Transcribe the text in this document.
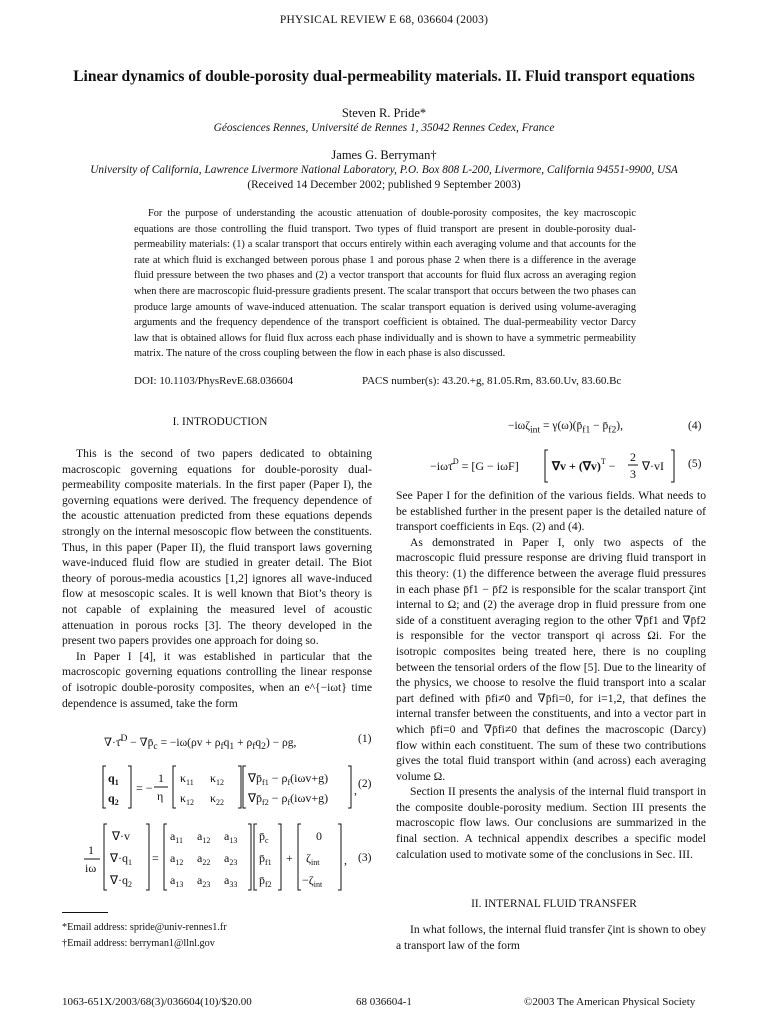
PHYSICAL REVIEW E 68, 036604 (2003)
Linear dynamics of double-porosity dual-permeability materials. II. Fluid transport equations
Steven R. Pride*
Géosciences Rennes, Université de Rennes 1, 35042 Rennes Cedex, France
James G. Berryman†
University of California, Lawrence Livermore National Laboratory, P.O. Box 808 L-200, Livermore, California 94551-9900, USA
(Received 14 December 2002; published 9 September 2003)
For the purpose of understanding the acoustic attenuation of double-porosity composites, the key macroscopic equations are those controlling the fluid transport. Two types of fluid transport are present in double-porosity dual-permeability materials: (1) a scalar transport that occurs entirely within each averaging volume and that accounts for the rate at which fluid is exchanged between porous phase 1 and porous phase 2 when there is a difference in the average fluid pressure between the two phases and (2) a vector transport that accounts for fluid flux across an averaging region when there are macroscopic fluid-pressure gradients present. The scalar transport that occurs between the two phases can produce large amounts of wave-induced attenuation. The scalar transport equation is derived using volume-averaging arguments and the frequency dependence of the transport coefficient is obtained. The dual-permeability vector Darcy law that is obtained allows for fluid flux across each phase individually and is shown to have a symmetric permeability matrix. The nature of the cross coupling between the flow in each phase is also discussed.
DOI: 10.1103/PhysRevE.68.036604	PACS number(s): 43.20.+g, 81.05.Rm, 83.60.Uv, 83.60.Bc
I. INTRODUCTION

This is the second of two papers dedicated to obtaining macroscopic governing equations for double-porosity dual-permeability composite materials. In the first paper (Paper I), the governing equations were derived. The frequency dependence of the acoustic attenuation predicted from these equations depends strongly on the internal mesoscopic flow between the constituents. Thus, in this paper (Paper II), the fluid transport laws governing wave-induced fluid flow are studied in greater detail. The Biot theory of porous-media acoustics [1,2] ignores all wave-induced flow at mesoscopic scales. It is well known that Biot’s theory is not capable of explaining the measured level of acoustic attenuation in porous rocks [3]. The theory developed in the present two papers provides one approach for doing so.

In Paper I [4], it was established in particular that the macroscopic governing equations controlling the linear response of isotropic double-porosity composites, when an e^{−iωt} time dependence is assumed, take the form

∇·τ̄$^D$ − $\nabla p̄_c = -i\omega(\rho v + \rho_fq_1 + \rho_fq_2) - \rho g$,	(1)
$q_1$
$q_2$
= −
1
η
$\kappa_{11}$ $\kappa_{12}$
$\kappa_{12}$ $\kappa_{22}$
$\nabla p̄_{f1} - \rho_f(i\omega v+g)$
$\nabla p̄_{f2} - \rho_f(i\omega v+g)$
, (2)
1
iω
∇·v
$\nabla\cdot q_1$
$\nabla\cdot q_2$
=
$a_{11}$ $a_{12}$ $a_{13}$
$a_{12}$ $a_{22}$ $a_{23}$
$a_{13}$ $a_{23}$ $a_{33}$
$p̄_c$
$p̄_{f1}$
$p̄_{f2}$
+
0
$\zeta_{int}$
$-\zeta_{int}$
, (3)
*Email address: spride@univ-rennes1.fr
†Email address: berryman1@llnl.gov
$-i\omega\zeta_{int} = \gamma(\omega)(p̄_{f1}$ − $p̄_{f2}$),	(4)
−iωτ̄$^D$ = [G − iωF]	$\nabla v + (\nabla v)^T$ −
2
3
∇·vI (5)

See Paper I for the definition of the various fields. What needs to be established further in the present paper is the detailed nature of transport coefficients in Eqs. (2) and (4).

As demonstrated in Paper I, only two aspects of the macroscopic fluid pressure response are driving fluid transport in this theory: (1) the difference between the average fluid pressures in each phase p̄f1 − p̄f2 is responsible for the scalar transport ζint internal to Ω; and (2) the average drop in fluid pressure from one side of a constituent averaging region to the other ∇p̄f1 and ∇p̄f2 is responsible for the vector transport qi across Ωi. For the isotropic composites being treated here, there is no coupling between the tensorial orders of the flow [5]. Due to the linearity of the physics, we choose to resolve the fluid transport into a scalar part defined with p̄fi≠0 and ∇p̄fi=0, for i=1,2, that defines the internal transfer between the constituents, and into a vector part in which p̄fi=0 and ∇p̄fi≠0 that defines the macroscopic (Darcy) flow within each constituent. The sum of these two contributions gives the total fluid transport within (and across) each averaging volume Ω.

Section II presents the analysis of the internal fluid transport in the composite double-porosity medium. Section III presents the macroscopic flow laws. Our conclusions are summarized in the final section. A technical appendix describes a specific model calculation used to motivate some of the conclusions in Sec. III.

II. INTERNAL FLUID TRANSFER

In what follows, the internal fluid transfer ζint is shown to obey a transport law of the form

1063-651X/2003/68(3)/036604(10)/$20.00	68 036604-1	©2003 The American Physical Society
